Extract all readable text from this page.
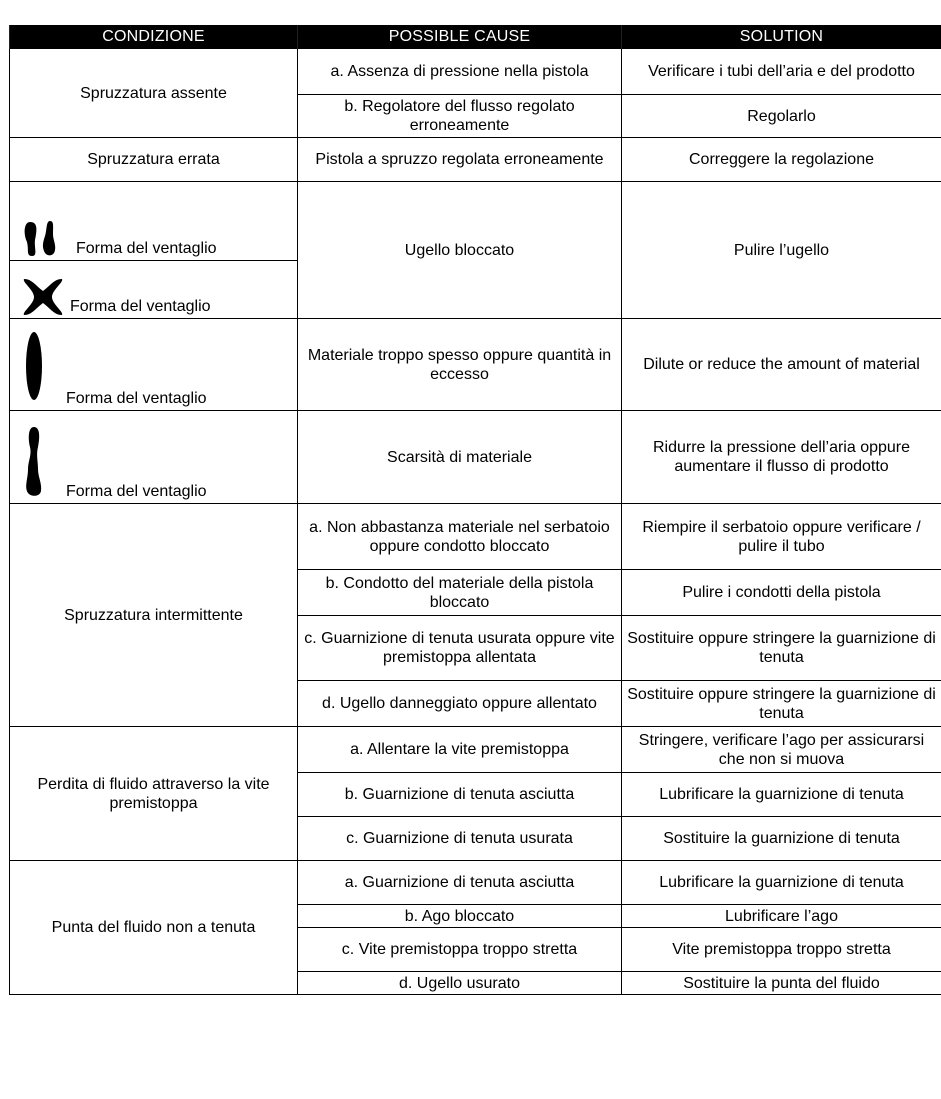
CONDIZIONE	POSSIBLE CAUSE	SOLUTION
Spruzzatura assente	a. Assenza di pressione nella pistola	Verificare i tubi dell’aria e del prodotto
	b. Regolatore del flusso regolato erroneamente	Regolarlo
Spruzzatura errata	Pistola a spruzzo regolata erroneamente	Correggere la regolazione

Forma del ventaglio	Ugello bloccato	Pulire l’ugello

Forma del ventaglio		

Forma del ventaglio	Materiale troppo spesso oppure quantità in eccesso	Dilute or reduce the amount of material

Forma del ventaglio	Scarsità di materiale	Ridurre la pressione dell’aria oppure aumentare il flusso di prodotto
Spruzzatura intermittente	a. Non abbastanza materiale nel serbatoio oppure condotto bloccato	Riempire il serbatoio oppure verificare / pulire il tubo
	b. Condotto del materiale della pistola bloccato	Pulire i condotti della pistola
	c. Guarnizione di tenuta usurata oppure vite premistoppa allentata	Sostituire oppure stringere la guarnizione di tenuta
	d. Ugello danneggiato oppure allentato	Sostituire oppure stringere la guarnizione di tenuta
Perdita di fluido attraverso la vite premistoppa	a. Allentare la vite premistoppa	Stringere, verificare l’ago per assicurarsi che non si muova
	b. Guarnizione di tenuta asciutta	Lubrificare la guarnizione di tenuta
	c. Guarnizione di tenuta usurata	Sostituire la guarnizione di tenuta
Punta del fluido non a tenuta	a. Guarnizione di tenuta asciutta	Lubrificare la guarnizione di tenuta
	b. Ago bloccato	Lubrificare l’ago
	c. Vite premistoppa troppo stretta	Vite premistoppa troppo stretta
	d. Ugello usurato	Sostituire la punta del fluido
